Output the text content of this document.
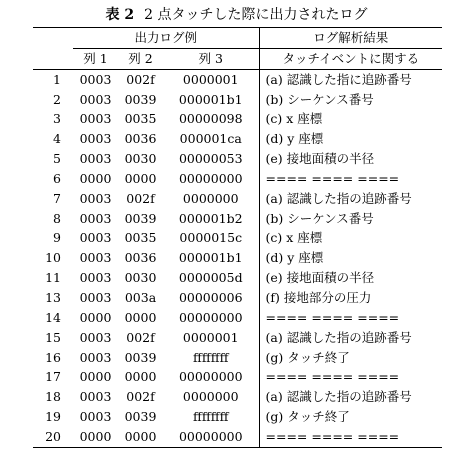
表 2 2 点タッチした際に出力されたログ
	出力ログ例			ログ解析結果
	列 1	列 2	列 3	タッチイベントに関する
1	0003	002f	0000001	(a) 認識した指に追跡番号
2	0003	0039	000001b1	(b) シーケンス番号
3	0003	0035	00000098	(c) x 座標
4	0003	0036	000001ca	(d) y 座標
5	0003	0030	00000053	(e) 接地面積の半径
6	0000	0000	00000000	==== ==== ====
7	0003	002f	0000000	(a) 認識した指の追跡番号
8	0003	0039	000001b2	(b) シーケンス番号
9	0003	0035	0000015c	(c) x 座標
10	0003	0036	000001b1	(d) y 座標
11	0003	0030	0000005d	(e) 接地面積の半径
13	0003	003a	00000006	(f) 接地部分の圧力
14	0000	0000	00000000	==== ==== ====
15	0003	002f	0000001	(a) 認識した指の追跡番号
16	0003	0039	ffffffff	(g) タッチ終了
17	0000	0000	00000000	==== ==== ====
18	0003	002f	0000000	(a) 認識した指の追跡番号
19	0003	0039	ffffffff	(g) タッチ終了
20	0000	0000	00000000	==== ==== ====
